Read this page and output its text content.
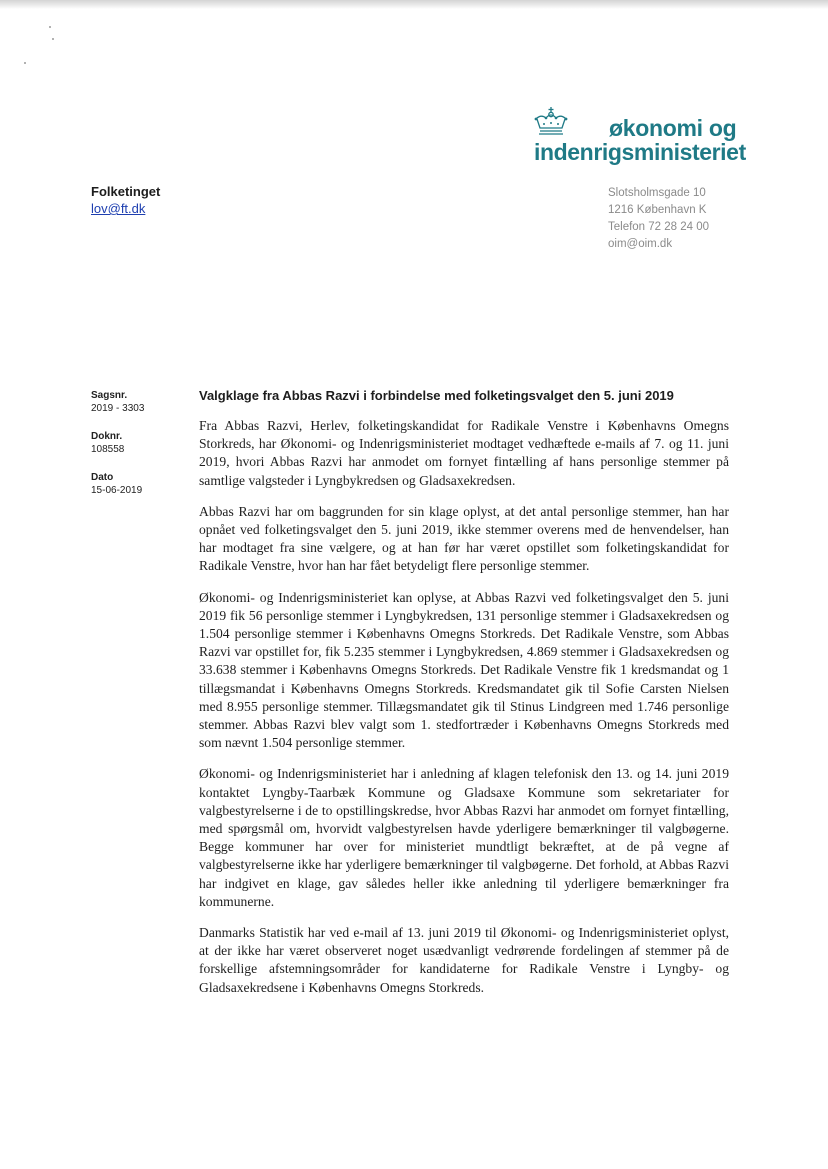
økonomi og
indenrigsministeriet
Folketinget
lov@ft.dk
Slotsholmsgade 10
1216 København K
Telefon 72 28 24 00
oim@oim.dk
Sagsnr.
2019 - 3303
Doknr.
108558
Dato
15-06-2019
Valgklage fra Abbas Razvi i forbindelse med folketingsvalget den 5. juni 2019

Fra Abbas Razvi, Herlev, folketingskandidat for Radikale Venstre i Københavns Omegns Storkreds, har Økonomi- og Indenrigsministeriet modtaget vedhæftede e-mails af 7. og 11. juni 2019, hvori Abbas Razvi har anmodet om fornyet fintælling af hans personlige stemmer på samtlige valgsteder i Lyngbykredsen og Gladsaxekredsen.

Abbas Razvi har om baggrunden for sin klage oplyst, at det antal personlige stemmer, han har opnået ved folketingsvalget den 5. juni 2019, ikke stemmer overens med de henvendelser, han har modtaget fra sine vælgere, og at han før har været opstillet som folketingskandidat for Radikale Venstre, hvor han har fået betydeligt flere personlige stemmer.

Økonomi- og Indenrigsministeriet kan oplyse, at Abbas Razvi ved folketingsvalget den 5. juni 2019 fik 56 personlige stemmer i Lyngbykredsen, 131 personlige stemmer i Gladsaxekredsen og 1.504 personlige stemmer i Københavns Omegns Storkreds. Det Radikale Venstre, som Abbas Razvi var opstillet for, fik 5.235 stemmer i Lyngbykredsen, 4.869 stemmer i Gladsaxekredsen og 33.638 stemmer i Københavns Omegns Storkreds. Det Radikale Venstre fik 1 kredsmandat og 1 tillægsmandat i Københavns Omegns Storkreds. Kredsmandatet gik til Sofie Carsten Nielsen med 8.955 personlige stemmer. Tillægsmandatet gik til Stinus Lindgreen med 1.746 personlige stemmer. Abbas Razvi blev valgt som 1. stedfortræder i Københavns Omegns Storkreds med som nævnt 1.504 personlige stemmer.

Økonomi- og Indenrigsministeriet har i anledning af klagen telefonisk den 13. og 14. juni 2019 kontaktet Lyngby-Taarbæk Kommune og Gladsaxe Kommune som sekretariater for valgbestyrelserne i de to opstillingskredse, hvor Abbas Razvi har anmodet om fornyet fintælling, med spørgsmål om, hvorvidt valgbestyrelsen havde yderligere bemærkninger til valgbøgerne. Begge kommuner har over for ministeriet mundtligt bekræftet, at de på vegne af valgbestyrelserne ikke har yderligere bemærkninger til valgbøgerne. Det forhold, at Abbas Razvi har indgivet en klage, gav således heller ikke anledning til yderligere bemærkninger fra kommunerne.

Danmarks Statistik har ved e-mail af 13. juni 2019 til Økonomi- og Indenrigsministeriet oplyst, at der ikke har været observeret noget usædvanligt vedrørende fordelingen af stemmer på de forskellige afstemningsområder for kandidaterne for Radikale Venstre i Lyngby- og Gladsaxekredsene i Københavns Omegns Storkreds.
